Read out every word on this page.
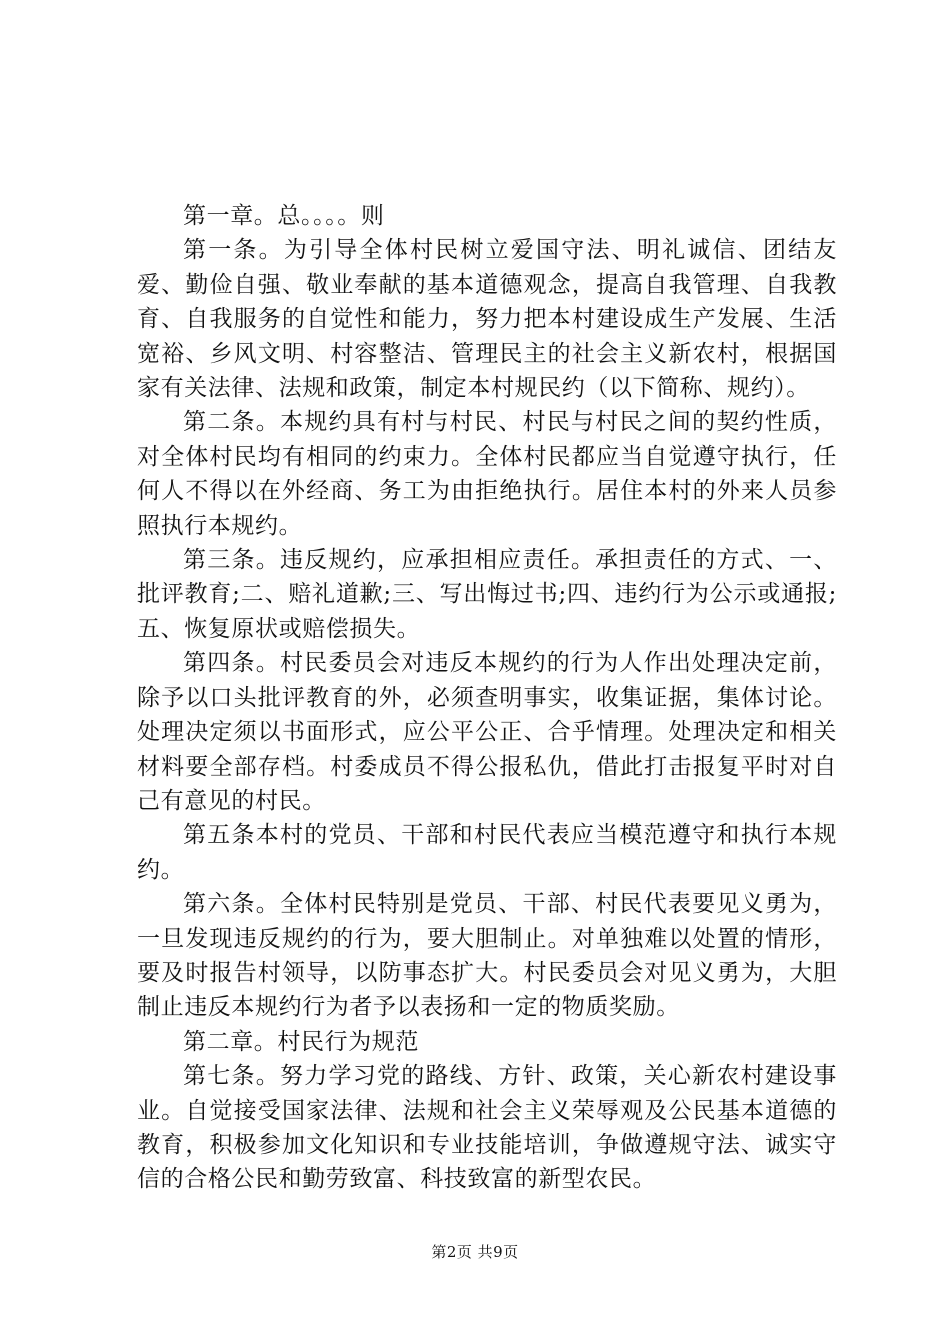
第一章。总。。。。则

第一条。为引导全体村民树立爱国守法、明礼诚信、团结友爱、勤俭自强、敬业奉献的基本道德观念，提高自我管理、自我教育、自我服务的自觉性和能力，努力把本村建设成生产发展、生活宽裕、乡风文明、村容整洁、管理民主的社会主义新农村，根据国家有关法律、法规和政策，制定本村规民约（以下简称、规约）。

第二条。本规约具有村与村民、村民与村民之间的契约性质，对全体村民均有相同的约束力。全体村民都应当自觉遵守执行，任何人不得以在外经商、务工为由拒绝执行。居住本村的外来人员参照执行本规约。

第三条。违反规约，应承担相应责任。承担责任的方式、一、批评教育;二、赔礼道歉;三、写出悔过书;四、违约行为公示或通报;五、恢复原状或赔偿损失。

第四条。村民委员会对违反本规约的行为人作出处理决定前，除予以口头批评教育的外，必须查明事实，收集证据，集体讨论。处理决定须以书面形式，应公平公正、合乎情理。处理决定和相关材料要全部存档。村委成员不得公报私仇，借此打击报复平时对自己有意见的村民。

第五条本村的党员、干部和村民代表应当模范遵守和执行本规约。

第六条。全体村民特别是党员、干部、村民代表要见义勇为，一旦发现违反规约的行为，要大胆制止。对单独难以处置的情形，要及时报告村领导，以防事态扩大。村民委员会对见义勇为，大胆制止违反本规约行为者予以表扬和一定的物质奖励。

第二章。村民行为规范

第七条。努力学习党的路线、方针、政策，关心新农村建设事业。自觉接受国家法律、法规和社会主义荣辱观及公民基本道德的教育，积极参加文化知识和专业技能培训，争做遵规守法、诚实守信的合格公民和勤劳致富、科技致富的新型农民。

第2页 共9页
